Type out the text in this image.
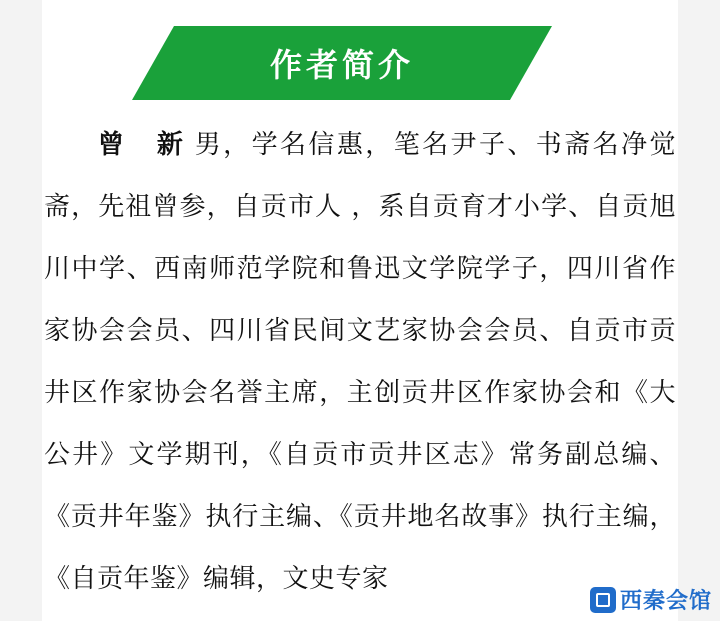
作者简介

曾 新男，学名信惠，笔名尹子、书斋名净觉斋，先祖曾参，自贡市人 ，系自贡育才小学、自贡旭川中学、西南师范学院和鲁迅文学院学子，四川省作家协会会员、四川省民间文艺家协会会员、自贡市贡井区作家协会名誉主席，主创贡井区作家协会和《大公井》文学期刊，《自贡市贡井区志》常务副总编、《贡井年鉴》执行主编、《贡井地名故事》执行主编，《自贡年鉴》编辑，文史专家

西秦会馆
